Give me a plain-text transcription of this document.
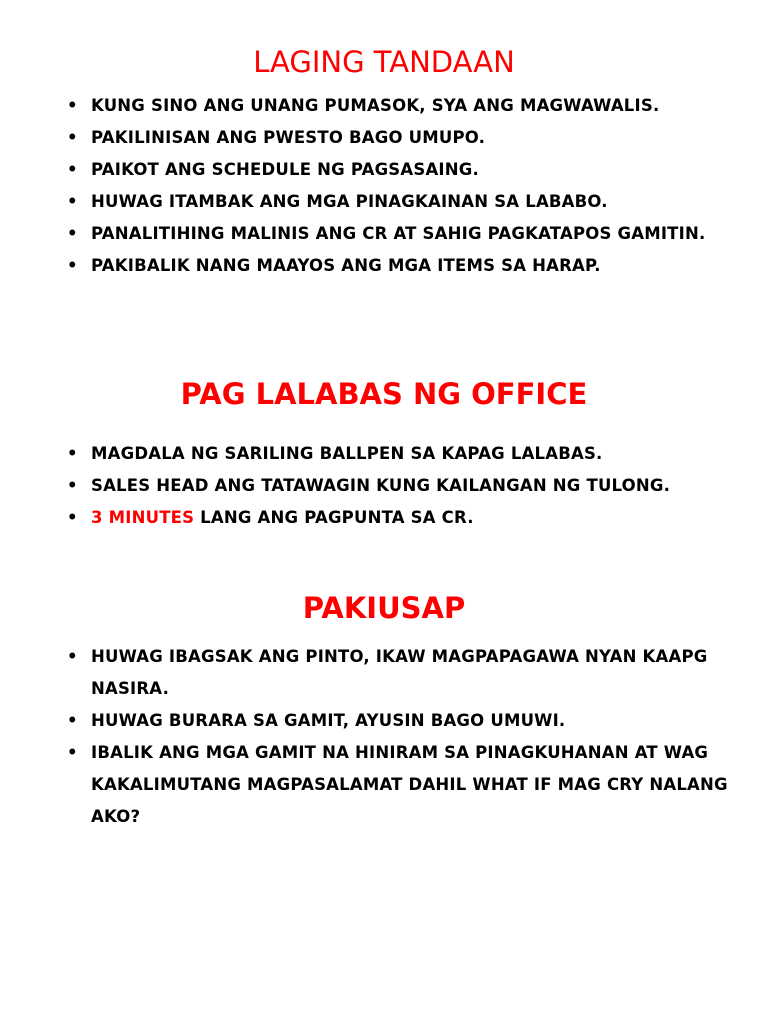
LAGING TANDAAN
• KUNG SINO ANG UNANG PUMASOK, SYA ANG MAGWAWALIS.
• PAKILINISAN ANG PWESTO BAGO UMUPO.
• PAIKOT ANG SCHEDULE NG PAGSASAING.
• HUWAG ITAMBAK ANG MGA PINAGKAINAN SA LABABO.
• PANALITIHING MALINIS ANG CR AT SAHIG PAGKATAPOS GAMITIN.
• PAKIBALIK NANG MAAYOS ANG MGA ITEMS SA HARAP.
PAG LALABAS NG OFFICE
• MAGDALA NG SARILING BALLPEN SA KAPAG LALABAS.
• SALES HEAD ANG TATAWAGIN KUNG KAILANGAN NG TULONG.
• 3 MINUTES LANG ANG PAGPUNTA SA CR.
PAKIUSAP
• HUWAG IBAGSAK ANG PINTO, IKAW MAGPAPAGAWA NYAN KAAPG NASIRA.
• HUWAG BURARA SA GAMIT, AYUSIN BAGO UMUWI.
• IBALIK ANG MGA GAMIT NA HINIRAM SA PINAGKUHANAN AT WAG KAKALIMUTANG MAGPASALAMAT DAHIL WHAT IF MAG CRY NALANG AKO?
